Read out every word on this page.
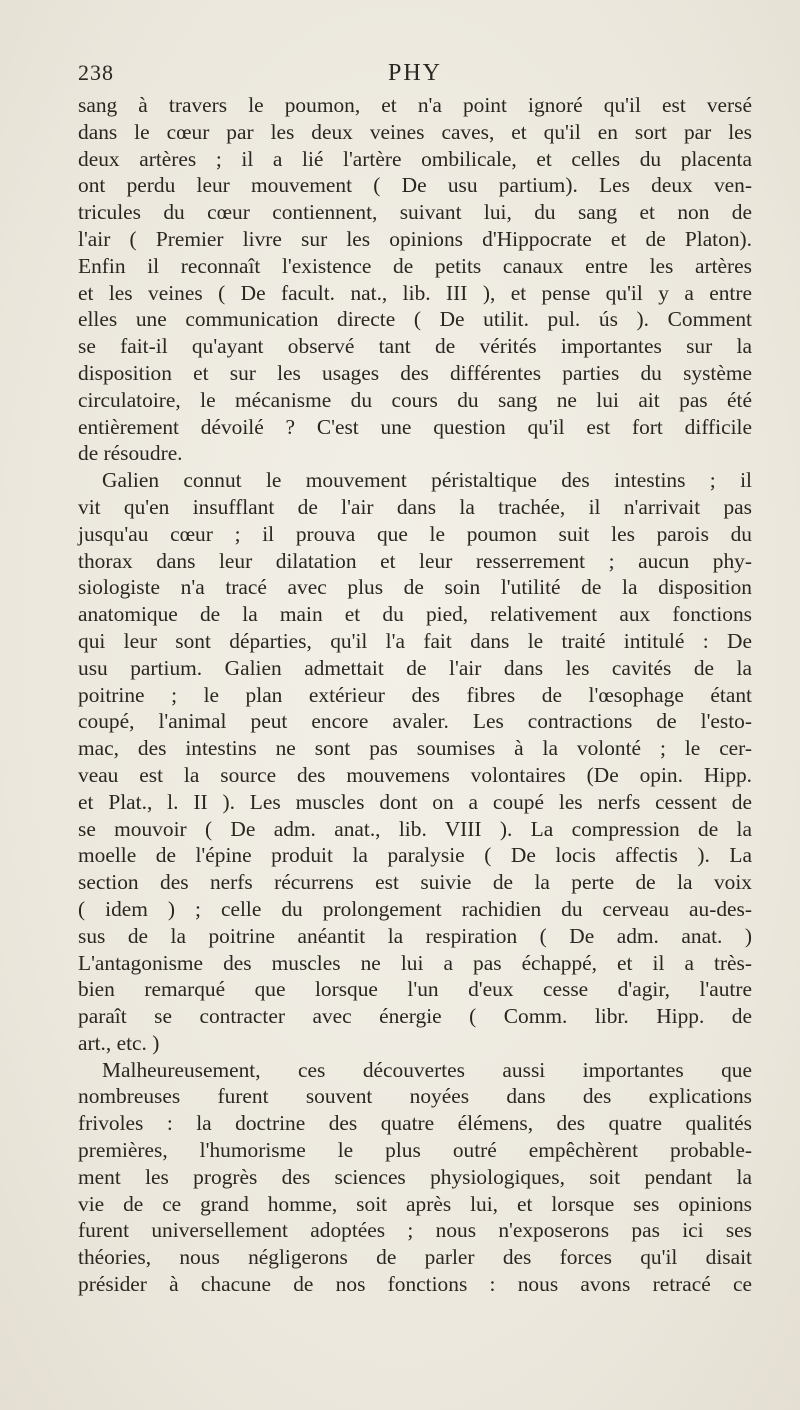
238	PHY

sang à travers le poumon, et n'a point ignoré qu'il est versé
dans le cœur par les deux veines caves, et qu'il en sort par les
deux artères ; il a lié l'artère ombilicale, et celles du placenta
ont perdu leur mouvement ( De usu partium). Les deux ven-
tricules du cœur contiennent, suivant lui, du sang et non de
l'air ( Premier livre sur les opinions d'Hippocrate et de Platon).
Enfin il reconnaît l'existence de petits canaux entre les artères
et les veines ( De facult. nat., lib. III ), et pense qu'il y a entre
elles une communication directe ( De utilit. pul. ús ). Comment
se fait-il qu'ayant observé tant de vérités importantes sur la
disposition et sur les usages des différentes parties du système
circulatoire, le mécanisme du cours du sang ne lui ait pas été
entièrement dévoilé ? C'est une question qu'il est fort difficile
de résoudre.
Galien connut le mouvement péristaltique des intestins ; il
vit qu'en insufflant de l'air dans la trachée, il n'arrivait pas
jusqu'au cœur ; il prouva que le poumon suit les parois du
thorax dans leur dilatation et leur resserrement ; aucun phy-
siologiste n'a tracé avec plus de soin l'utilité de la disposition
anatomique de la main et du pied, relativement aux fonctions
qui leur sont départies, qu'il l'a fait dans le traité intitulé : De
usu partium. Galien admettait de l'air dans les cavités de la
poitrine ; le plan extérieur des fibres de l'œsophage étant
coupé, l'animal peut encore avaler. Les contractions de l'esto-
mac, des intestins ne sont pas soumises à la volonté ; le cer-
veau est la source des mouvemens volontaires (De opin. Hipp.
et Plat., l. II ). Les muscles dont on a coupé les nerfs cessent de
se mouvoir ( De adm. anat., lib. VIII ). La compression de la
moelle de l'épine produit la paralysie ( De locis affectis ). La
section des nerfs récurrens est suivie de la perte de la voix
( idem ) ; celle du prolongement rachidien du cerveau au-des-
sus de la poitrine anéantit la respiration ( De adm. anat. )
L'antagonisme des muscles ne lui a pas échappé, et il a très-
bien remarqué que lorsque l'un d'eux cesse d'agir, l'autre
paraît se contracter avec énergie ( Comm. libr. Hipp. de
art., etc. )
Malheureusement, ces découvertes aussi importantes que
nombreuses furent souvent noyées dans des explications
frivoles : la doctrine des quatre élémens, des quatre qualités
premières, l'humorisme le plus outré empêchèrent probable-
ment les progrès des sciences physiologiques, soit pendant la
vie de ce grand homme, soit après lui, et lorsque ses opinions
furent universellement adoptées ; nous n'exposerons pas ici ses
théories, nous négligerons de parler des forces qu'il disait
présider à chacune de nos fonctions : nous avons retracé ce
